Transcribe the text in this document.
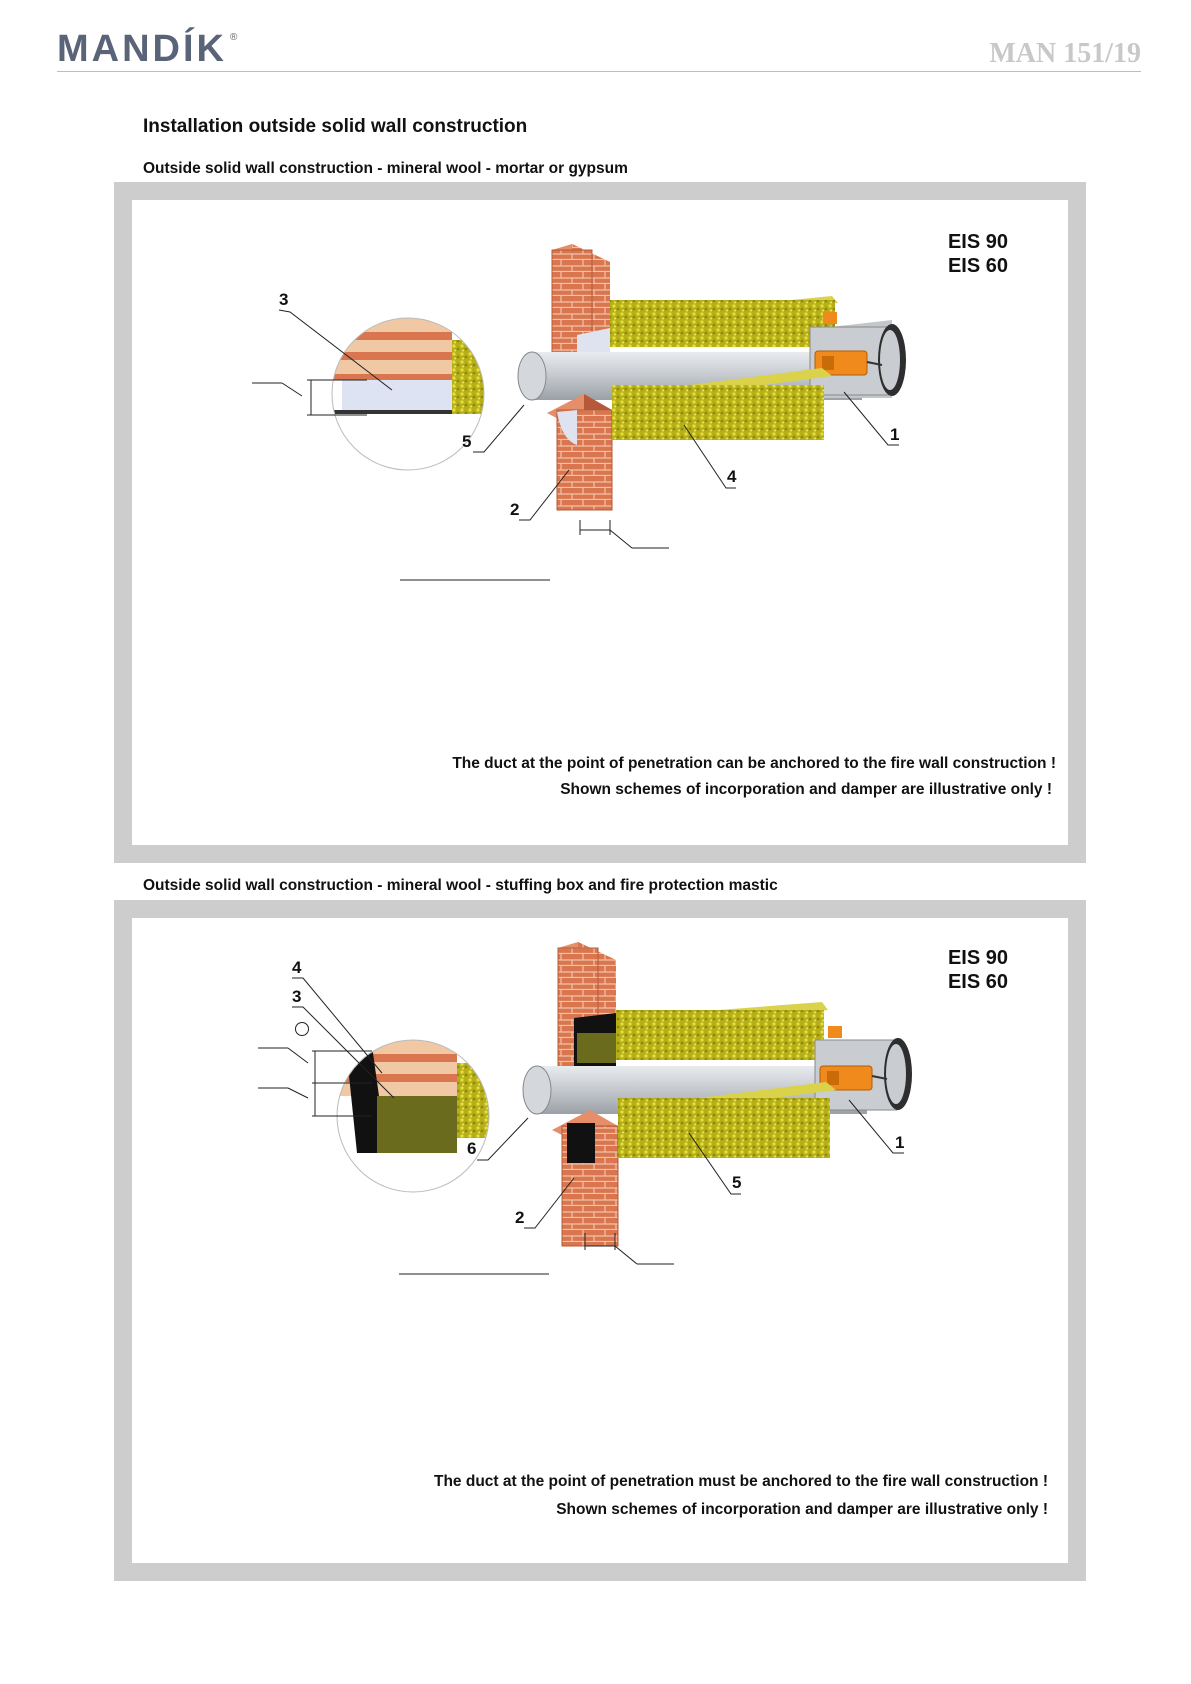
MANDÍK ®
MAN 151/19
Installation outside solid wall construction
Outside solid wall construction - mineral wool - mortar or gypsum
3
5
2
4
1
EIS 90
EIS 60
The duct at the point of penetration can be anchored to the fire wall construction !
Shown schemes of incorporation and damper are illustrative only !
Outside solid wall construction - mineral wool - stuffing box and fire protection mastic
4
3
6
2
5
1
EIS 90
EIS 60
The duct at the point of penetration must be anchored to the fire wall construction !
Shown schemes of incorporation and damper are illustrative only !
